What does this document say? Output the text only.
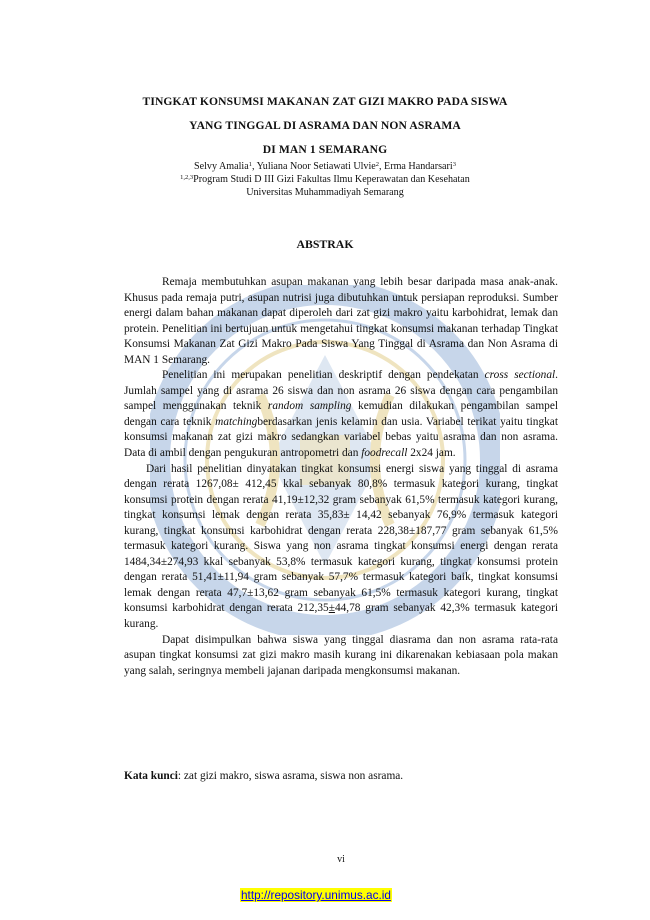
TINGKAT KONSUMSI MAKANAN ZAT GIZI MAKRO PADA SISWA
YANG TINGGAL DI ASRAMA DAN NON ASRAMA
DI MAN 1 SEMARANG
Selvy Amalia$^1$, Yuliana Noor Setiawati Ulvie$^2$, Erma Handarsari$^3$
$^{1,2,3}$Program Studi D III Gizi Fakultas Ilmu Keperawatan dan Kesehatan
Universitas Muhammadiyah Semarang
ABSTRAK

Remaja membutuhkan asupan makanan yang lebih besar daripada masa anak-anak. Khusus pada remaja putri, asupan nutrisi juga dibutuhkan untuk persiapan reproduksi. Sumber energi dalam bahan makanan dapat diperoleh dari zat gizi makro yaitu karbohidrat, lemak dan protein. Penelitian ini bertujuan untuk mengetahui tingkat konsumsi makanan terhadap Tingkat Konsumsi Makanan Zat Gizi Makro Pada Siswa Yang Tinggal di Asrama dan Non Asrama di MAN 1 Semarang.

Penelitian ini merupakan penelitian deskriptif dengan pendekatan cross sectional. Jumlah sampel yang di asrama 26 siswa dan non asrama 26 siswa dengan cara pengambilan sampel menggunakan teknik random sampling kemudian dilakukan pengambilan sampel dengan cara teknik matchingberdasarkan jenis kelamin dan usia. Variabel terikat yaitu tingkat konsumsi makanan zat gizi makro sedangkan variabel bebas yaitu asrama dan non asrama. Data di ambil dengan pengukuran antropometri dan foodrecall 2x24 jam.

Dari hasil penelitian dinyatakan tingkat konsumsi energi siswa yang tinggal di asrama dengan rerata 1267,08± 412,45 kkal sebanyak 80,8% termasuk kategori kurang, tingkat konsumsi protein dengan rerata 41,19±12,32 gram sebanyak 61,5% termasuk kategori kurang, tingkat konsumsi lemak dengan rerata 35,83± 14,42 sebanyak 76,9% termasuk kategori kurang, tingkat konsumsi karbohidrat dengan rerata 228,38±187,77 gram sebanyak 61,5% termasuk kategori kurang. Siswa yang non asrama tingkat konsumsi energi dengan rerata 1484,34±274,93 kkal sebanyak 53,8% termasuk kategori kurang, tingkat konsumsi protein dengan rerata 51,41±11,94 gram sebanyak 57,7% termasuk kategori baik, tingkat konsumsi lemak dengan rerata 47,7±13,62 gram sebanyak 61,5% termasuk kategori kurang, tingkat konsumsi karbohidrat dengan rerata 212,35±44,78 gram sebanyak 42,3% termasuk kategori kurang.

Dapat disimpulkan bahwa siswa yang tinggal diasrama dan non asrama rata-rata asupan tingkat konsumsi zat gizi makro masih kurang ini dikarenakan kebiasaan pola makan yang salah, seringnya membeli jajanan daripada mengkonsumsi makanan.

Kata kunci: zat gizi makro, siswa asrama, siswa non asrama.
vi
http://repository.unimus.ac.id
